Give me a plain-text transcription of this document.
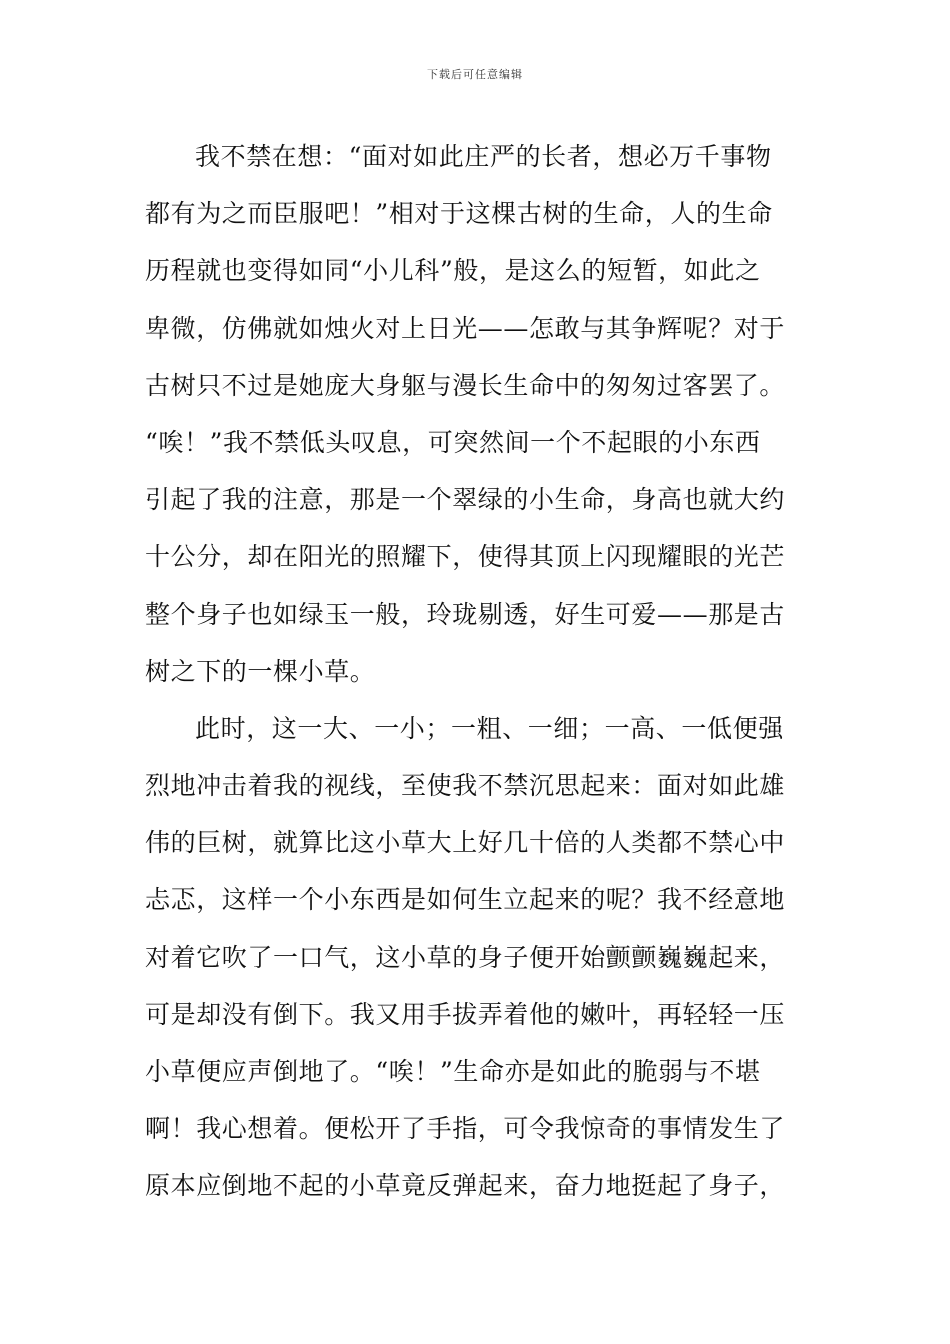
下载后可任意编辑
我不禁在想：“面对如此庄严的长者，想必万千事物
都有为之而臣服吧！”相对于这棵古树的生命，人的生命
历程就也变得如同“小儿科”般，是这么的短暂，如此之
卑微，仿佛就如烛火对上日光——怎敢与其争辉呢？对于
古树只不过是她庞大身躯与漫长生命中的匆匆过客罢了。
“唉！”我不禁低头叹息，可突然间一个不起眼的小东西
引起了我的注意，那是一个翠绿的小生命，身高也就大约
十公分，却在阳光的照耀下，使得其顶上闪现耀眼的光芒
整个身子也如绿玉一般，玲珑剔透，好生可爱——那是古
树之下的一棵小草。
此时，这一大、一小；一粗、一细；一高、一低便强
烈地冲击着我的视线，至使我不禁沉思起来：面对如此雄
伟的巨树，就算比这小草大上好几十倍的人类都不禁心中
忐忑，这样一个小东西是如何生立起来的呢？我不经意地
对着它吹了一口气，这小草的身子便开始颤颤巍巍起来，
可是却没有倒下。我又用手拔弄着他的嫩叶，再轻轻一压
小草便应声倒地了。“唉！”生命亦是如此的脆弱与不堪
啊！我心想着。便松开了手指，可令我惊奇的事情发生了
原本应倒地不起的小草竟反弹起来，奋力地挺起了身子，
